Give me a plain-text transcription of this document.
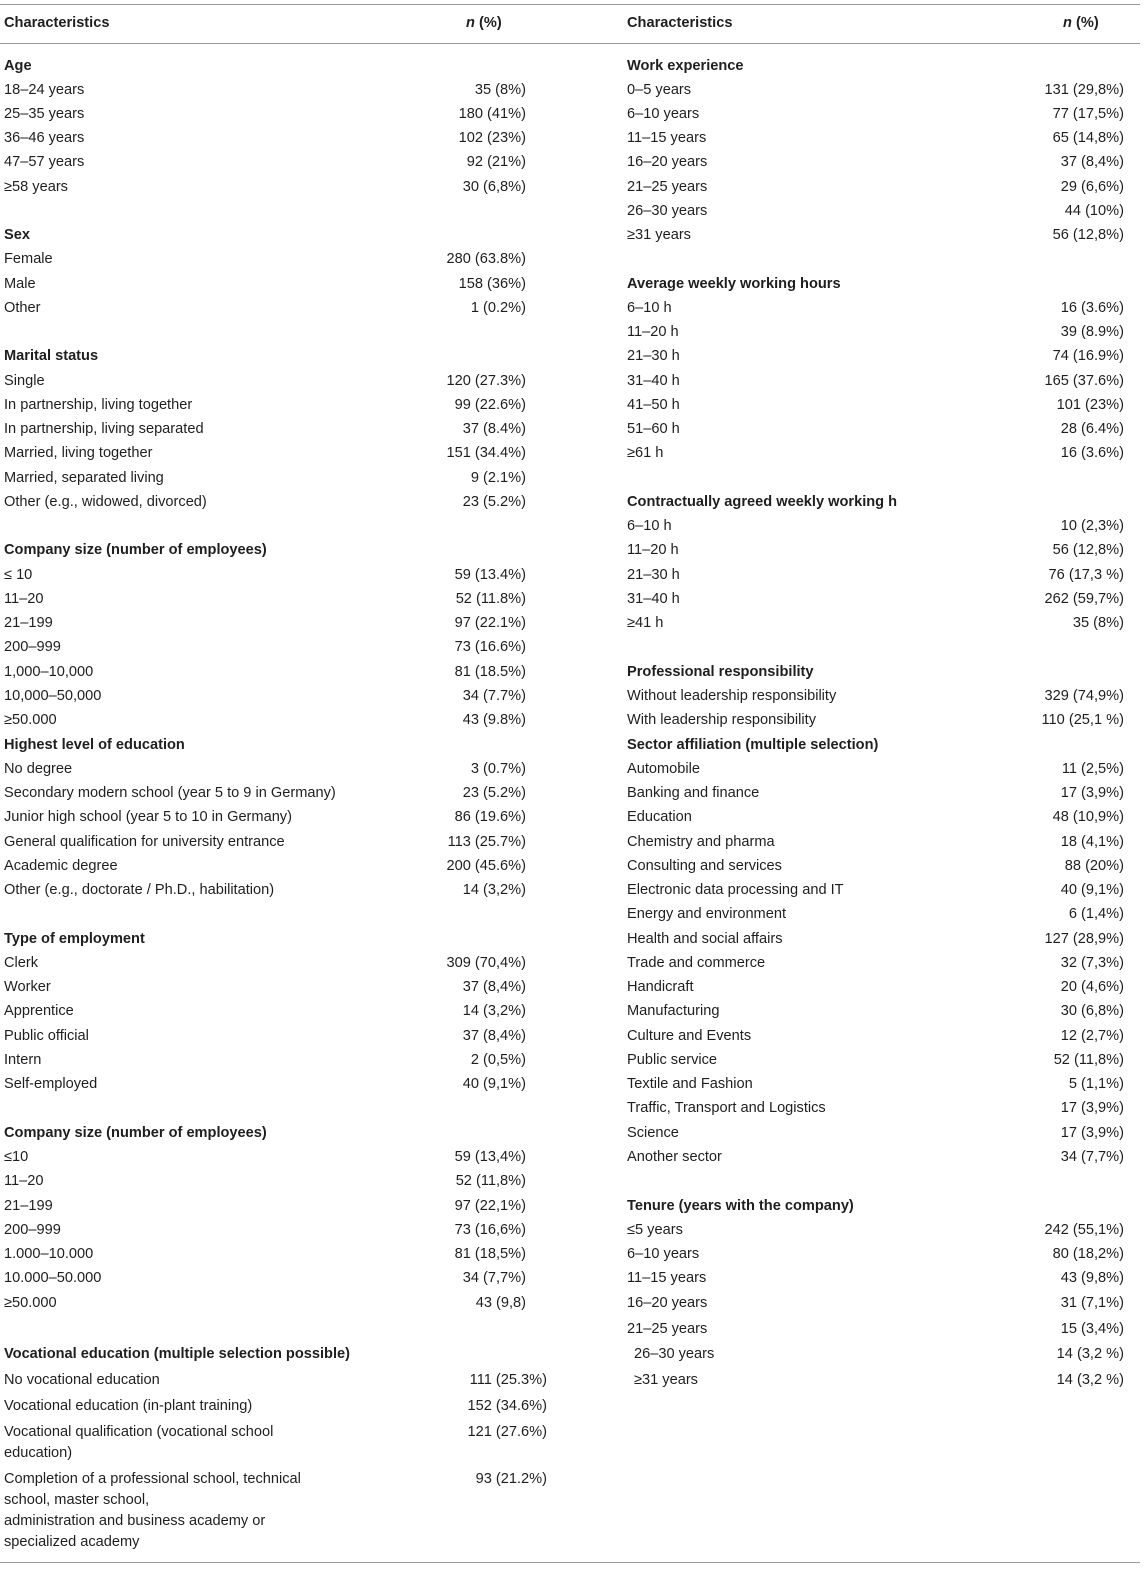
Characteristics	n (%)	Characteristics	n (%)
Age
18–24 years	35 (8%)
25–35 years	180 (41%)
36–46 years	102 (23%)
47–57 years	92 (21%)
≥58 years	30 (6,8%)
Sex
Female	280 (63.8%)
Male	158 (36%)
Other	1 (0.2%)
Marital status
Single	120 (27.3%)
In partnership, living together	99 (22.6%)
In partnership, living separated	37 (8.4%)
Married, living together	151 (34.4%)
Married, separated living	9 (2.1%)
Other (e.g., widowed, divorced)	23 (5.2%)
Company size (number of employees)
≤ 10	59 (13.4%)
11–20	52 (11.8%)
21–199	97 (22.1%)
200–999	73 (16.6%)
1,000–10,000	81 (18.5%)
10,000–50,000	34 (7.7%)
≥50.000	43 (9.8%)
Highest level of education
No degree	3 (0.7%)
Secondary modern school (year 5 to 9 in Germany)	23 (5.2%)
Junior high school (year 5 to 10 in Germany)	86 (19.6%)
General qualification for university entrance	113 (25.7%)
Academic degree	200 (45.6%)
Other (e.g., doctorate / Ph.D., habilitation)	14 (3,2%)
Type of employment
Clerk	309 (70,4%)
Worker	37 (8,4%)
Apprentice	14 (3,2%)
Public official	37 (8,4%)
Intern	2 (0,5%)
Self-employed	40 (9,1%)
Company size (number of employees)
≤10	59 (13,4%)
11–20	52 (11,8%)
21–199	97 (22,1%)
200–999	73 (16,6%)
1.000–10.000	81 (18,5%)
10.000–50.000	34 (7,7%)
≥50.000	43 (9,8)
Vocational education (multiple selection possible)
No vocational education	111 (25.3%)
Vocational education (in-plant training)	152 (34.6%)
Vocational qualification (vocational school	121 (27.6%)
education)
Completion of a professional school, technical	93 (21.2%)
school, master school,
administration and business academy or
specialized academy
Work experience
0–5 years	131 (29,8%)
6–10 years	77 (17,5%)
11–15 years	65 (14,8%)
16–20 years	37 (8,4%)
21–25 years	29 (6,6%)
26–30 years	44 (10%)
≥31 years	56 (12,8%)
Average weekly working hours
6–10 h	16 (3.6%)
11–20 h	39 (8.9%)
21–30 h	74 (16.9%)
31–40 h	165 (37.6%)
41–50 h	101 (23%)
51–60 h	28 (6.4%)
≥61 h	16 (3.6%)
Contractually agreed weekly working h
6–10 h	10 (2,3%)
11–20 h	56 (12,8%)
21–30 h	76 (17,3 %)
31–40 h	262 (59,7%)
≥41 h	35 (8%)
Professional responsibility
Without leadership responsibility	329 (74,9%)
With leadership responsibility	110 (25,1 %)
Sector affiliation (multiple selection)
Automobile	11 (2,5%)
Banking and finance	17 (3,9%)
Education	48 (10,9%)
Chemistry and pharma	18 (4,1%)
Consulting and services	88 (20%)
Electronic data processing and IT	40 (9,1%)
Energy and environment	6 (1,4%)
Health and social affairs	127 (28,9%)
Trade and commerce	32 (7,3%)
Handicraft	20 (4,6%)
Manufacturing	30 (6,8%)
Culture and Events	12 (2,7%)
Public service	52 (11,8%)
Textile and Fashion	5 (1,1%)
Traffic, Transport and Logistics	17 (3,9%)
Science	17 (3,9%)
Another sector	34 (7,7%)
Tenure (years with the company)
≤5 years	242 (55,1%)
6–10 years	80 (18,2%)
11–15 years	43 (9,8%)
16–20 years	31 (7,1%)
21–25 years	15 (3,4%)
26–30 years	14 (3,2 %)
≥31 years	14 (3,2 %)
